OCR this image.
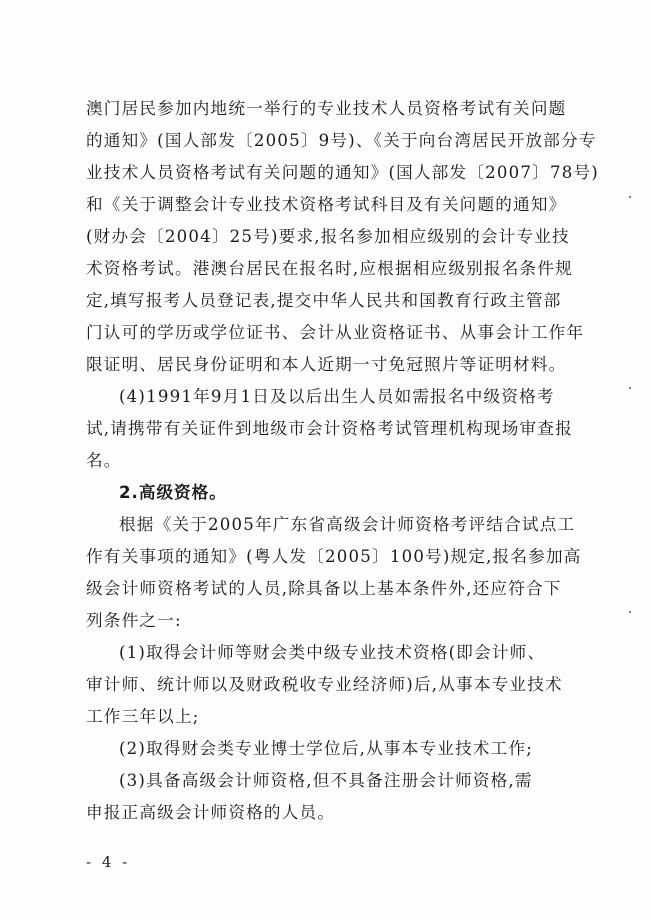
澳门居民参加内地统一举行的专业技术人员资格考试有关问题
的通知》(国人部发〔2005〕9号)、《关于向台湾居民开放部分专
业技术人员资格考试有关问题的通知》(国人部发〔2007〕78号)
和《关于调整会计专业技术资格考试科目及有关问题的通知》
(财办会〔2004〕25号)要求,报名参加相应级别的会计专业技
术资格考试。港澳台居民在报名时,应根据相应级别报名条件规
定,填写报考人员登记表,提交中华人民共和国教育行政主管部
门认可的学历或学位证书、会计从业资格证书、从事会计工作年
限证明、居民身份证明和本人近期一寸免冠照片等证明材料。
(4)1991年9月1日及以后出生人员如需报名中级资格考
试,请携带有关证件到地级市会计资格考试管理机构现场审查报
名。
2.高级资格。
根据《关于2005年广东省高级会计师资格考评结合试点工
作有关事项的通知》(粤人发〔2005〕100号)规定,报名参加高
级会计师资格考试的人员,除具备以上基本条件外,还应符合下
列条件之一:
(1)取得会计师等财会类中级专业技术资格(即会计师、
审计师、统计师以及财政税收专业经济师)后,从事本专业技术
工作三年以上;
(2)取得财会类专业博士学位后,从事本专业技术工作;
(3)具备高级会计师资格,但不具备注册会计师资格,需
申报正高级会计师资格的人员。
- 4 -
